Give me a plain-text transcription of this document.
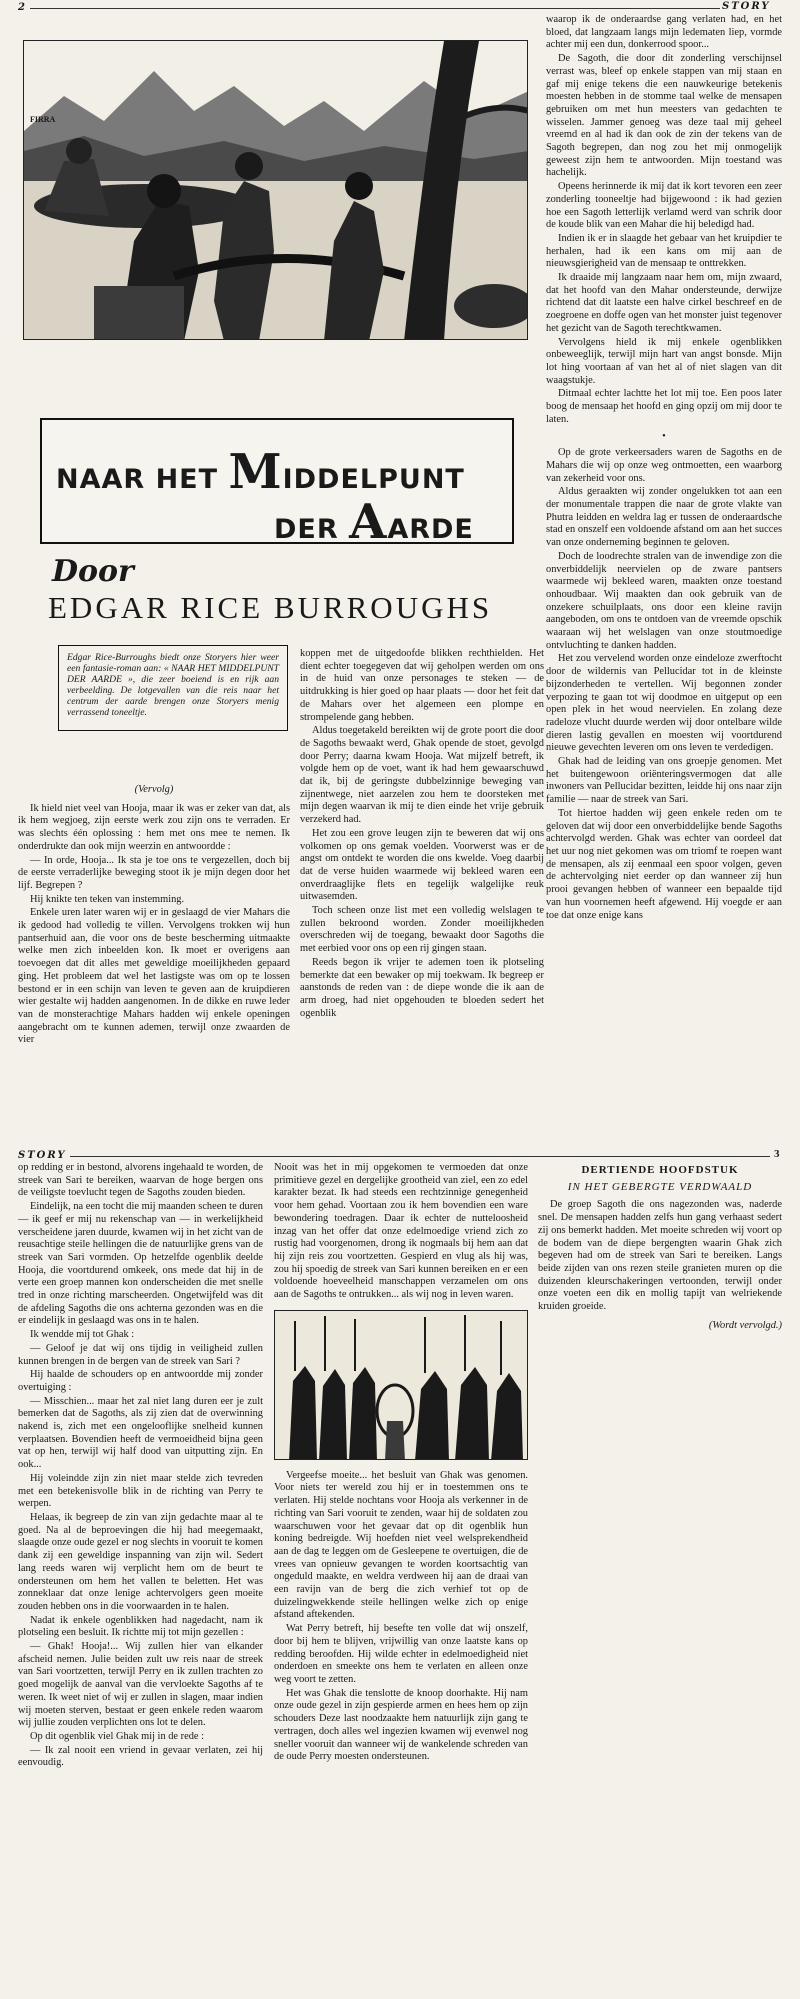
2	STORY
FIRRA
NAAR HET MIDDELPUNT
DER AARDE
Door
EDGAR RICE BURROUGHS
Edgar Rice-Burroughs biedt onze Storyers hier weer een fantasie-roman aan: « NAAR HET MIDDELPUNT DER AARDE », die zeer boeiend is en rijk aan verbeelding. De lotgevallen van die reis naar het centrum der aarde brengen onze Storyers menig verrassend toneeltje.

(Vervolg)

Ik hield niet veel van Hooja, maar ik was er zeker van dat, als ik hem wegjoeg, zijn eerste werk zou zijn ons te verraden. Er was slechts één oplossing : hem met ons mee te nemen. Ik onderdrukte dan ook mijn weerzin en antwoordde :

— In orde, Hooja... Ik sta je toe ons te vergezellen, doch bij de eerste verraderlijke beweging stoot ik je mijn degen door het lijf. Begrepen ?

Hij knikte ten teken van instemming.

Enkele uren later waren wij er in geslaagd de vier Mahars die ik gedood had volledig te villen. Vervolgens trokken wij hun pantserhuid aan, die voor ons de beste bescherming uitmaakte welke men zich inbeelden kon. Ik moet er overigens aan toevoegen dat dit alles met geweldige moeilijkheden gepaard ging. Het probleem dat wel het lastigste was om op te lossen bestond er in een schijn van leven te geven aan de kruipdieren wier gestalte wij hadden aangenomen. In de dikke en ruwe leder van de monsterachtige Mahars hadden wij enkele openingen aangebracht om te kunnen ademen, terwijl onze zwaarden de vier

koppen met de uitgedoofde blikken rechthielden. Het dient echter toegegeven dat wij geholpen werden om ons in de huid van onze personages te steken — de uitdrukking is hier goed op haar plaats — door het feit dat de Mahars over het algemeen een plompe en strompelende gang hebben.

Aldus toegetakeld bereikten wij de grote poort die door de Sagoths bewaakt werd, Ghak opende de stoet, gevolgd door Perry; daarna kwam Hooja. Wat mijzelf betreft, ik volgde hem op de voet, want ik had hem gewaarschuwd dat ik, bij de geringste dubbelzinnige beweging van zijnentwege, niet aarzelen zou hem te doorsteken met mijn degen waarvan ik mij te dien einde het vrije gebruik verzekerd had.

Het zou een grove leugen zijn te beweren dat wij ons volkomen op ons gemak voelden. Voorwerst was er de angst om ontdekt te worden die ons kwelde. Voeg daarbij dat de verse huiden waarmede wij bekleed waren een onverdraaglijke flets en tegelijk walgelijke reuk uitwasemden.

Toch scheen onze list met een volledig welslagen te zullen bekroond worden. Zonder moeilijkheden overschreden wij de toegang, bewaakt door Sagoths die met eerbied voor ons op een rij gingen staan.

Reeds begon ik vrijer te ademen toen ik plotseling bemerkte dat een bewaker op mij toekwam. Ik begreep er aanstonds de reden van : de diepe wonde die ik aan de arm droeg, had niet opgehouden te bloeden sedert het ogenblik

waarop ik de onderaardse gang verlaten had, en het bloed, dat langzaam langs mijn ledematen liep, vormde achter mij een dun, donkerrood spoor...

De Sagoth, die door dit zonderling verschijnsel verrast was, bleef op enkele stappen van mij staan en gaf mij enige tekens die een nauwkeurige betekenis moesten hebben in de stomme taal welke de mensapen gebruiken om met hun meesters van gedachten te wisselen. Jammer genoeg was deze taal mij geheel vreemd en al had ik dan ook de zin der tekens van de Sagoth begrepen, dan nog zou het mij onmogelijk geweest zijn hem te antwoorden. Mijn toestand was hachelijk.

Opeens herinnerde ik mij dat ik kort tevoren een zeer zonderling tooneeltje had bijgewoond : ik had gezien hoe een Sagoth letterlijk verlamd werd van schrik door de koude blik van een Mahar die hij beledigd had.

Indien ik er in slaagde het gebaar van het kruipdier te herhalen, had ik een kans om mij aan de nieuwsgierigheid van de mensaap te onttrekken.

Ik draaide mij langzaam naar hem om, mijn zwaard, dat het hoofd van den Mahar ondersteunde, derwijze richtend dat dit laatste een halve cirkel beschreef en de zoegroene en doffe ogen van het monster juist tegenover het gezicht van de Sagoth terechtkwamen.

Vervolgens hield ik mij enkele ogenblikken onbeweeglijk, terwijl mijn hart van angst bonsde. Mijn lot hing voortaan af van het al of niet slagen van dit waagstukje.

Ditmaal echter lachtte het lot mij toe. Een poos later boog de mensaap het hoofd en ging opzij om mij door te laten.

•

Op de grote verkeersaders waren de Sagoths en de Mahars die wij op onze weg ontmoetten, een waarborg van zekerheid voor ons.

Aldus geraakten wij zonder ongelukken tot aan een der monumentale trappen die naar de grote vlakte van Phutra leidden en weldra lag er tussen de onderaardsche stad en onszelf een voldoende afstand om aan het succes van onze onderneming beginnen te geloven.

Doch de loodrechte stralen van de inwendige zon die onverbiddelijk neervielen op de zware pantsers waarmede wij bekleed waren, maakten onze toestand onhoudbaar. Wij maakten dan ook gebruik van de onzekere schuilplaats, ons door een kleine ravijn aangeboden, om ons te ontdoen van de vreemde opschik waaraan wij het welslagen van onze stoutmoedige ontvluchting te danken hadden.

Het zou vervelend worden onze eindeloze zwerftocht door de wildernis van Pellucidar tot in de kleinste bijzonderheden te vertellen. Wij begonnen zonder verpozing te gaan tot wij doodmoe en uitgeput op een open plek in het woud neervielen. En zolang deze radeloze vlucht duurde werden wij door ontelbare wilde dieren lastig gevallen en moesten wij voortdurend nieuwe gevechten leveren om ons leven te verdedigen.

Ghak had de leiding van ons groepje genomen. Met het buitengewoon oriënteringsvermogen dat alle inwoners van Pellucidar bezitten, leidde hij ons naar zijn familie — naar de streek van Sari.

Tot hiertoe hadden wij geen enkele reden om te geloven dat wij door een onverbiddelijke bende Sagoths achtervolgd werden. Ghak was echter van oordeel dat het uur nog niet gekomen was om triomf te roepen want de mensapen, als zij eenmaal een spoor volgen, geven de achtervolging niet eerder op dan wanneer zij hun prooi gevangen hebben of wanneer een bepaalde tijd van hun voornemen heeft afgewend. Hij voegde er aan toe dat onze enige kans

STORY	3

op redding er in bestond, alvorens ingehaald te worden, de streek van Sari te bereiken, waarvan de hoge bergen ons de veiligste toevlucht tegen de Sagoths zouden bieden.

Eindelijk, na een tocht die mij maanden scheen te duren — ik geef er mij nu rekenschap van — in werkelijkheid verscheidene jaren duurde, kwamen wij in het zicht van de reusachtige steile hellingen die de natuurlijke grens van de streek van Sari vormden. Op hetzelfde ogenblik deelde Hooja, die voortdurend omkeek, ons mede dat hij in de verte een groep mannen kon onderscheiden die met snelle tred in onze richting marscheerden. Ongetwijfeld was dit de afdeling Sagoths die ons achterna gezonden was en die er eindelijk in geslaagd was ons in te halen.

Ik wendde mij tot Ghak :

— Geloof je dat wij ons tijdig in veiligheid zullen kunnen brengen in de bergen van de streek van Sari ?

Hij haalde de schouders op en antwoordde mij zonder overtuiging :

— Misschien... maar het zal niet lang duren eer je zult bemerken dat de Sagoths, als zij zien dat de overwinning nakend is, zich met een ongelooflijke snelheid kunnen verplaatsen. Bovendien heeft de vermoeidheid bijna geen vat op hen, terwijl wij half dood van uitputting zijn. En ook...

Hij voleindde zijn zin niet maar stelde zich tevreden met een betekenisvolle blik in de richting van Perry te werpen.

Helaas, ik begreep de zin van zijn gedachte maar al te goed. Na al de beproevingen die hij had meegemaakt, slaagde onze oude gezel er nog slechts in vooruit te komen dank zij een geweldige inspanning van zijn wil. Sedert lang reeds waren wij verplicht hem om de beurt te ondersteunen om hem het vallen te beletten. Het was zonneklaar dat onze lenige achtervolgers geen moeite zouden hebben ons in die voorwaarden in te halen.

Nadat ik enkele ogenblikken had nagedacht, nam ik plotseling een besluit. Ik richtte mij tot mijn gezellen :

— Ghak! Hooja!... Wij zullen hier van elkander afscheid nemen. Julie beiden zult uw reis naar de streek van Sari voortzetten, terwijl Perry en ik zullen trachten zo goed mogelijk de aanval van die vervloekte Sagoths af te weren. Ik weet niet of wij er zullen in slagen, maar indien wij moeten sterven, bestaat er geen enkele reden waarom wij jullie zouden verplichten ons lot te delen.

Op dit ogenblik viel Ghak mij in de rede :

— Ik zal nooit een vriend in gevaar verlaten, zei hij eenvoudig.

Nooit was het in mij opgekomen te vermoeden dat onze primitieve gezel en dergelijke grootheid van ziel, een zo edel karakter bezat. Ik had steeds een rechtzinnige genegenheid voor hem gehad. Voortaan zou ik hem bovendien een ware bewondering toedragen. Daar ik echter de nutteloosheid inzag van het offer dat onze edelmoedige vriend zich zo rustig had voorgenomen, drong ik nogmaals bij hem aan dat hij zijn reis zou voortzetten. Gespierd en vlug als hij was, zou hij spoedig de streek van Sari kunnen bereiken en er een voldoende hoeveelheid manschappen verzamelen om ons aan de Sagoths te ontrukken... als wij nog in leven waren.

Vergeefse moeite... het besluit van Ghak was genomen. Voor niets ter wereld zou hij er in toestemmen ons te verlaten. Hij stelde nochtans voor Hooja als verkenner in de richting van Sari vooruit te zenden, waar hij de soldaten zou waarschuwen voor het gevaar dat op dit ogenblik hun koning bedreigde. Wij hoefden niet veel welsprekendheid aan de dag te leggen om de Gesleepene te overtuigen, die de vrees van opnieuw gevangen te worden koortsachtig van ongeduld maakte, en weldra verdween hij aan de draai van een ravijn van de berg die zich verhief tot op de duizelingwekkende steile hellingen welke zich op enige afstand aftekenden.

Wat Perry betreft, hij besefte ten volle dat wij onszelf, door bij hem te blijven, vrijwillig van onze laatste kans op redding beroofden. Hij wilde echter in edelmoedigheid niet onderdoen en smeekte ons hem te verlaten en alleen onze weg voort te zetten.

Het was Ghak die tenslotte de knoop doorhakte. Hij nam onze oude gezel in zijn gespierde armen en hees hem op zijn schouders Deze last noodzaakte hem natuurlijk zijn gang te vertragen, doch alles wel ingezien kwamen wij evenwel nog sneller vooruit dan wanneer wij de wankelende schreden van de oude Perry moesten ondersteunen.

DERTIENDE HOOFDSTUK
IN HET GEBERGTE VERDWAALD

De groep Sagoth die ons nagezonden was, naderde snel. De mensapen hadden zelfs hun gang verhaast sedert zij ons bemerkt hadden. Met moeite schreden wij voort op de bodem van de diepe bergengten waarin Ghak zich begeven had om de streek van Sari te bereiken. Langs beide zijden van ons rezen steile granieten muren op die duizenden kleurschakeringen vertoonden, terwijl onder onze voeten een dik en mollig tapijt van welriekende kruiden groeide.

(Wordt vervolgd.)
